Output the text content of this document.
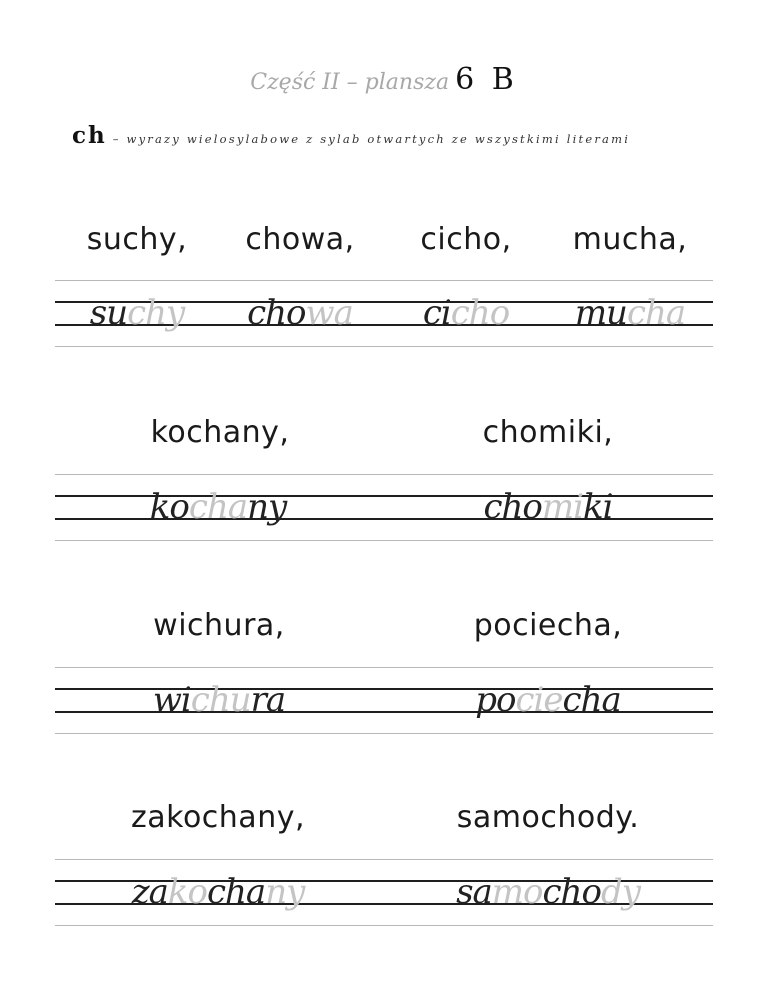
Część II – plansza 6 B
ch – wyrazy wielosylabowe z sylab otwartych ze wszystkimi literami
suchy, chowa, cicho, mucha,
suchy chowa cicho mucha
kochany,	chomiki,
kochany	chomiki
wichura,	pociecha,
wichura	pociecha
zakochany,	samochody.
zakochany	samochody
